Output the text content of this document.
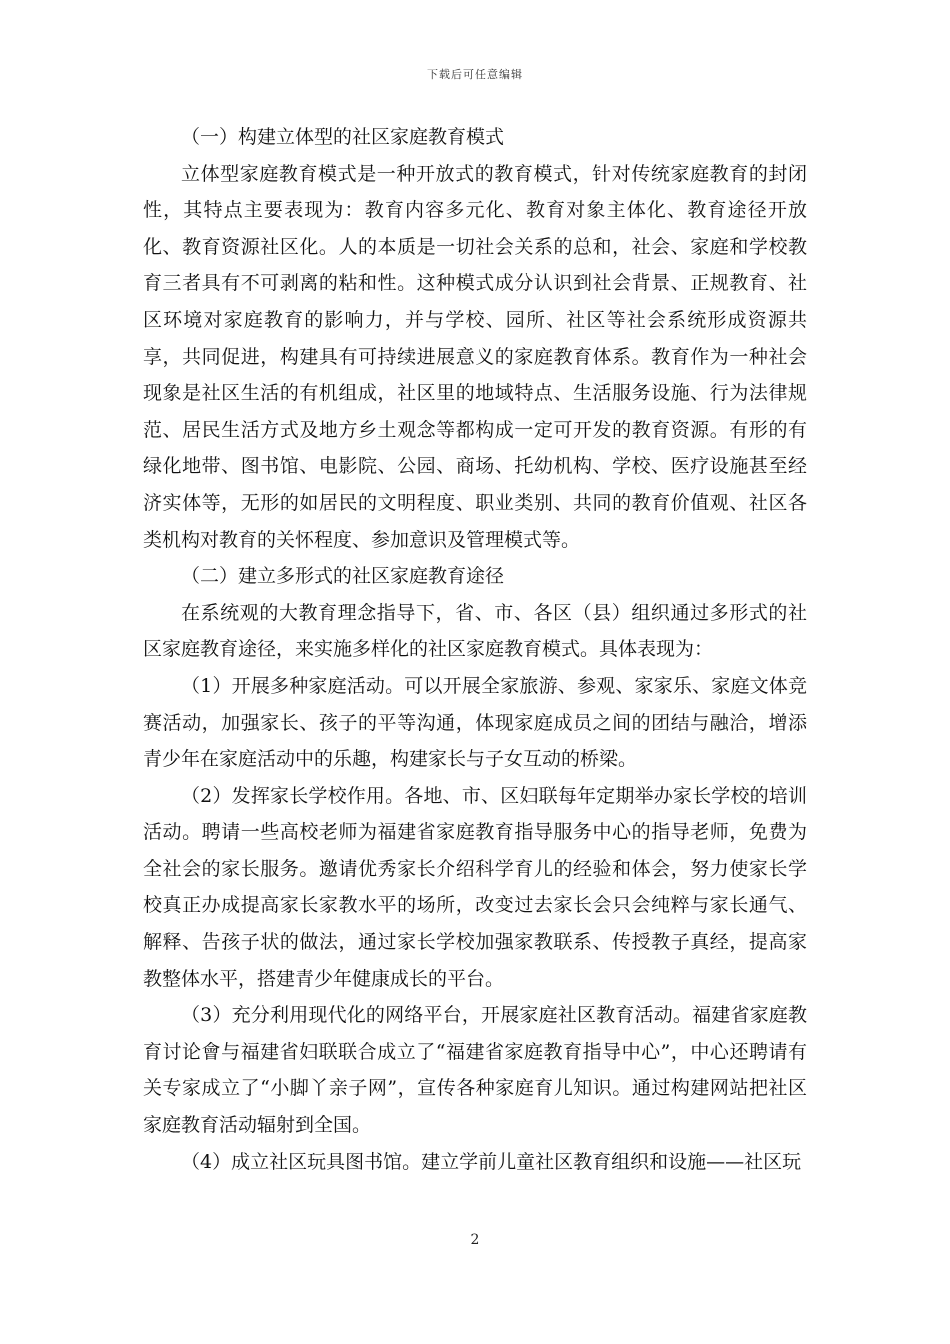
下载后可任意编辑

（一）构建立体型的社区家庭教育模式

立体型家庭教育模式是一种开放式的教育模式，针对传统家庭教育的封闭性，其特点主要表现为：教育内容多元化、教育对象主体化、教育途径开放化、教育资源社区化。人的本质是一切社会关系的总和，社会、家庭和学校教育三者具有不可剥离的粘和性。这种模式成分认识到社会背景、正规教育、社区环境对家庭教育的影响力，并与学校、园所、社区等社会系统形成资源共享，共同促进，构建具有可持续进展意义的家庭教育体系。教育作为一种社会现象是社区生活的有机组成，社区里的地域特点、生活服务设施、行为法律规范、居民生活方式及地方乡土观念等都构成一定可开发的教育资源。有形的有绿化地带、图书馆、电影院、公园、商场、托幼机构、学校、医疗设施甚至经济实体等，无形的如居民的文明程度、职业类别、共同的教育价值观、社区各类机构对教育的关怀程度、参加意识及管理模式等。

（二）建立多形式的社区家庭教育途径

在系统观的大教育理念指导下，省、市、各区（县）组织通过多形式的社区家庭教育途径，来实施多样化的社区家庭教育模式。具体表现为：

（1）开展多种家庭活动。可以开展全家旅游、参观、家家乐、家庭文体竞赛活动，加强家长、孩子的平等沟通，体现家庭成员之间的团结与融洽，增添青少年在家庭活动中的乐趣，构建家长与子女互动的桥梁。

（2）发挥家长学校作用。各地、市、区妇联每年定期举办家长学校的培训活动。聘请一些高校老师为福建省家庭教育指导服务中心的指导老师，免费为全社会的家长服务。邀请优秀家长介绍科学育儿的经验和体会，努力使家长学校真正办成提高家长家教水平的场所，改变过去家长会只会纯粹与家长通气、解释、告孩子状的做法，通过家长学校加强家教联系、传授教子真经，提高家教整体水平，搭建青少年健康成长的平台。

（3）充分利用现代化的网络平台，开展家庭社区教育活动。福建省家庭教育讨论會与福建省妇联联合成立了“福建省家庭教育指导中心”，中心还聘请有关专家成立了“小脚丫亲子网”，宣传各种家庭育儿知识。通过构建网站把社区家庭教育活动辐射到全国。

（4）成立社区玩具图书馆。建立学前儿童社区教育组织和设施——社区玩

2
